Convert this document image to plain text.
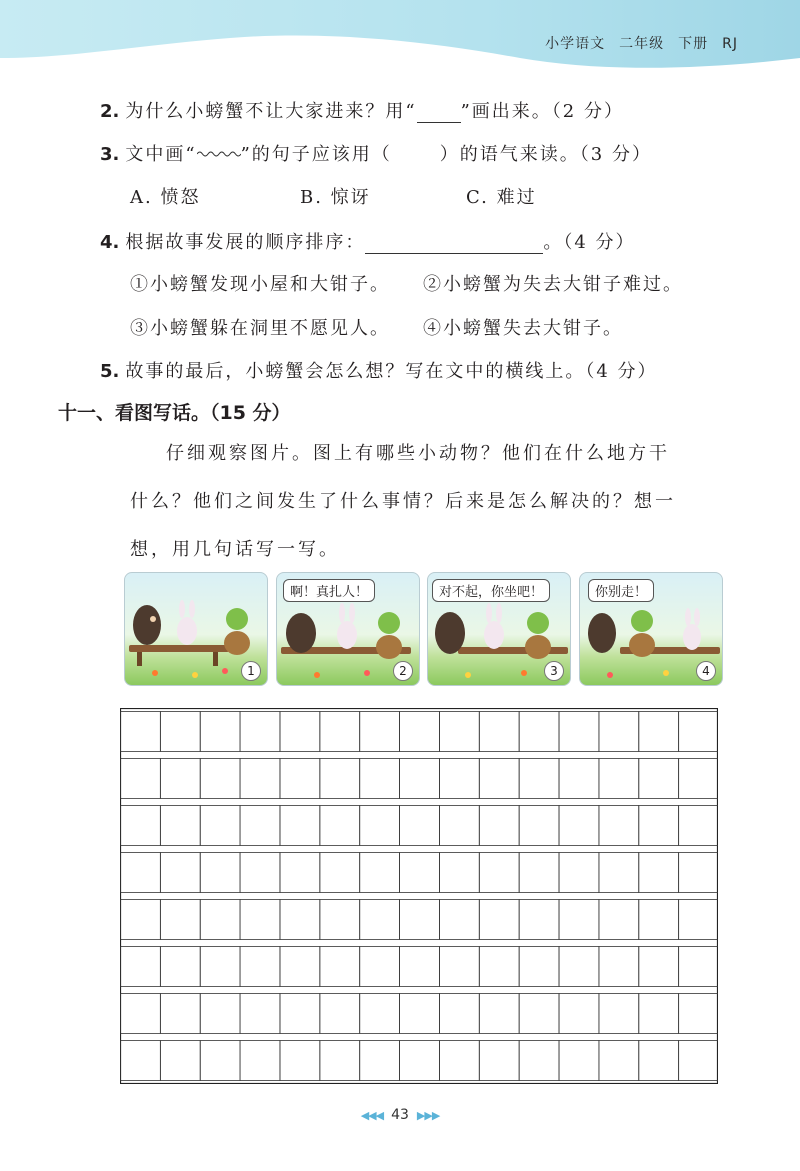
小学语文 二年级 下册 RJ
2. 为什么小螃蟹不让大家进来？用“ ”画出来。（2 分）
3. 文中画“ ”的句子应该用（	）的语气来读。（3 分）
A. 愤怒	B. 惊讶	C. 难过
4. 根据故事发展的顺序排序：	。（4 分）
①小螃蟹发现小屋和大钳子。 ②小螃蟹为失去大钳子难过。
③小螃蟹躲在洞里不愿见人。 ④小螃蟹失去大钳子。
5. 故事的最后，小螃蟹会怎么想？写在文中的横线上。（4 分）
十一、看图写话。（15 分）
仔细观察图片。图上有哪些小动物？他们在什么地方干
什么？他们之间发生了什么事情？后来是怎么解决的？想一
想，用几句话写一写。
1
啊！真扎人！
2
对不起，你坐吧！
3
你别走！
4
◀◀◀ 43 ▶▶▶
